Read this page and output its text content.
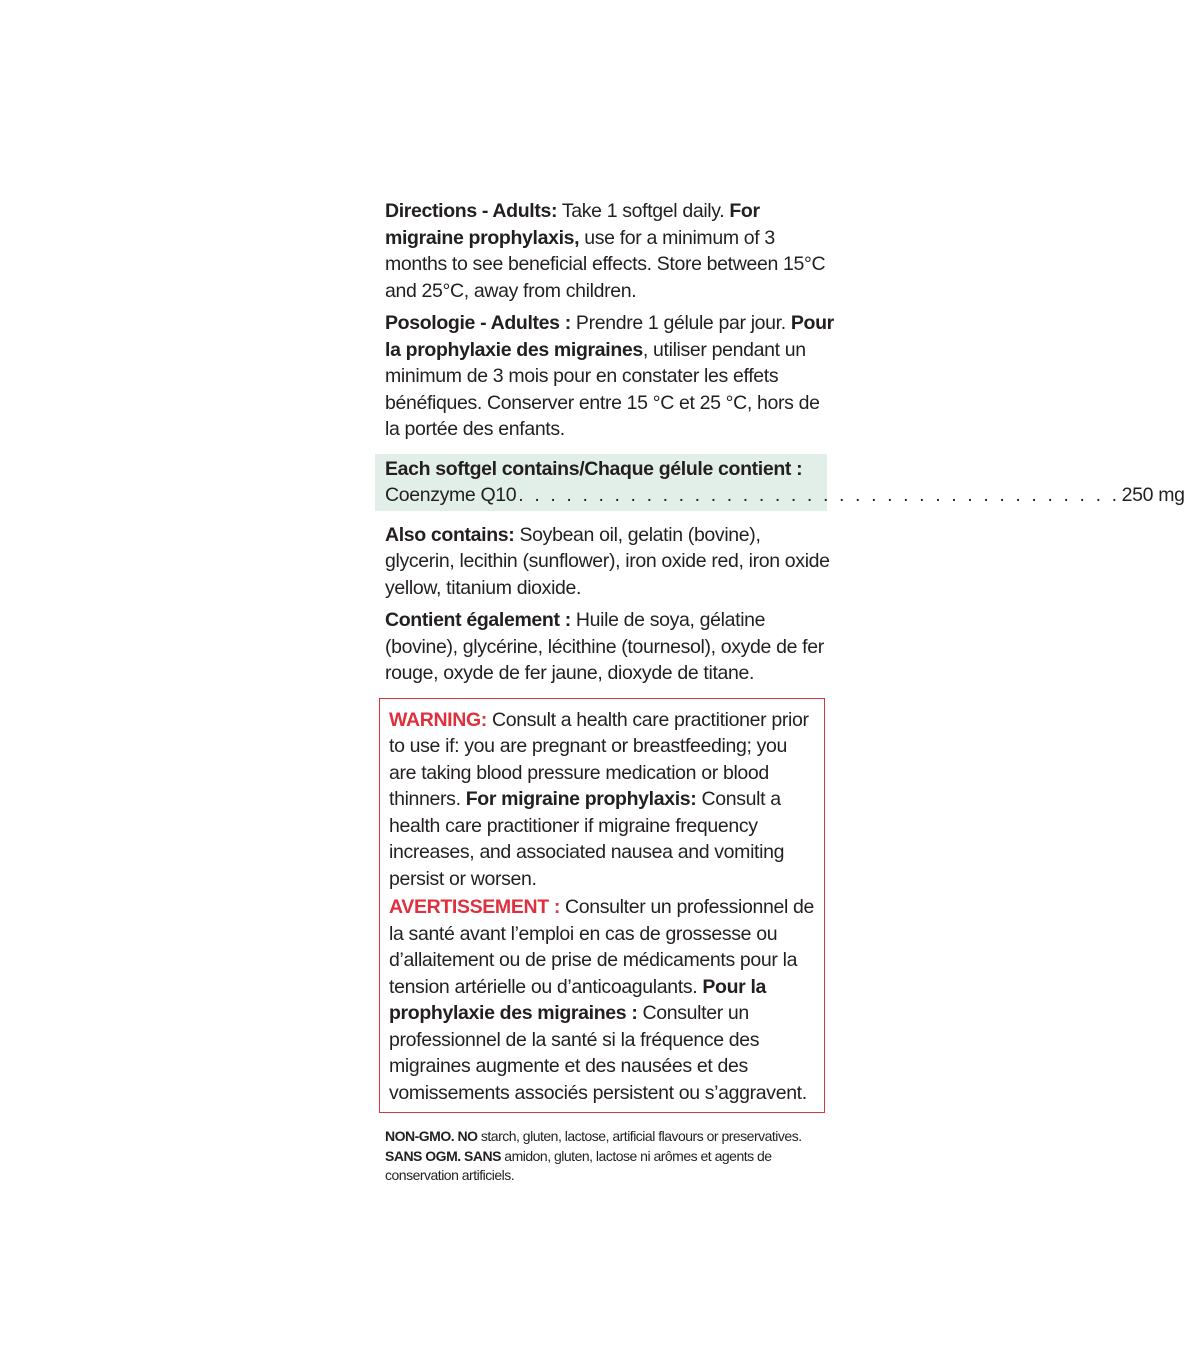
Directions - Adults: Take 1 softgel daily. For migraine prophylaxis, use for a minimum of 3 months to see beneficial effects. Store between 15°C and 25°C, away from children.

Posologie - Adultes : Prendre 1 gélule par jour. Pour la prophylaxie des migraines, utiliser pendant un minimum de 3 mois pour en constater les effets bénéfiques. Conserver entre 15 °C et 25 °C, hors de la portée des enfants.

Each softgel contains/Chaque gélule contient :
Coenzyme Q10 . . . . . . . . . . . . . . . . . . . . . . . . . . . . . . . . . . . . . . 250 mg

Also contains: Soybean oil, gelatin (bovine), glycerin, lecithin (sunflower), iron oxide red, iron oxide yellow, titanium dioxide.

Contient également : Huile de soya, gélatine (bovine), glycérine, lécithine (tournesol), oxyde de fer rouge, oxyde de fer jaune, dioxyde de titane.

WARNING: Consult a health care practitioner prior to use if: you are pregnant or breastfeeding; you are taking blood pressure medication or blood thinners. For migraine prophylaxis: Consult a health care practitioner if migraine frequency increases, and associated nausea and vomiting persist or worsen.

AVERTISSEMENT : Consulter un professionnel de la santé avant l’emploi en cas de grossesse ou d’allaitement ou de prise de médicaments pour la tension artérielle ou d’anticoagulants. Pour la prophylaxie des migraines : Consulter un professionnel de la santé si la fréquence des migraines augmente et des nausées et des vomissements associés persistent ou s’aggravent.

NON-GMO. NO starch, gluten, lactose, artificial flavours or preservatives.

SANS OGM. SANS amidon, gluten, lactose ni arômes et agents de conservation artificiels.
